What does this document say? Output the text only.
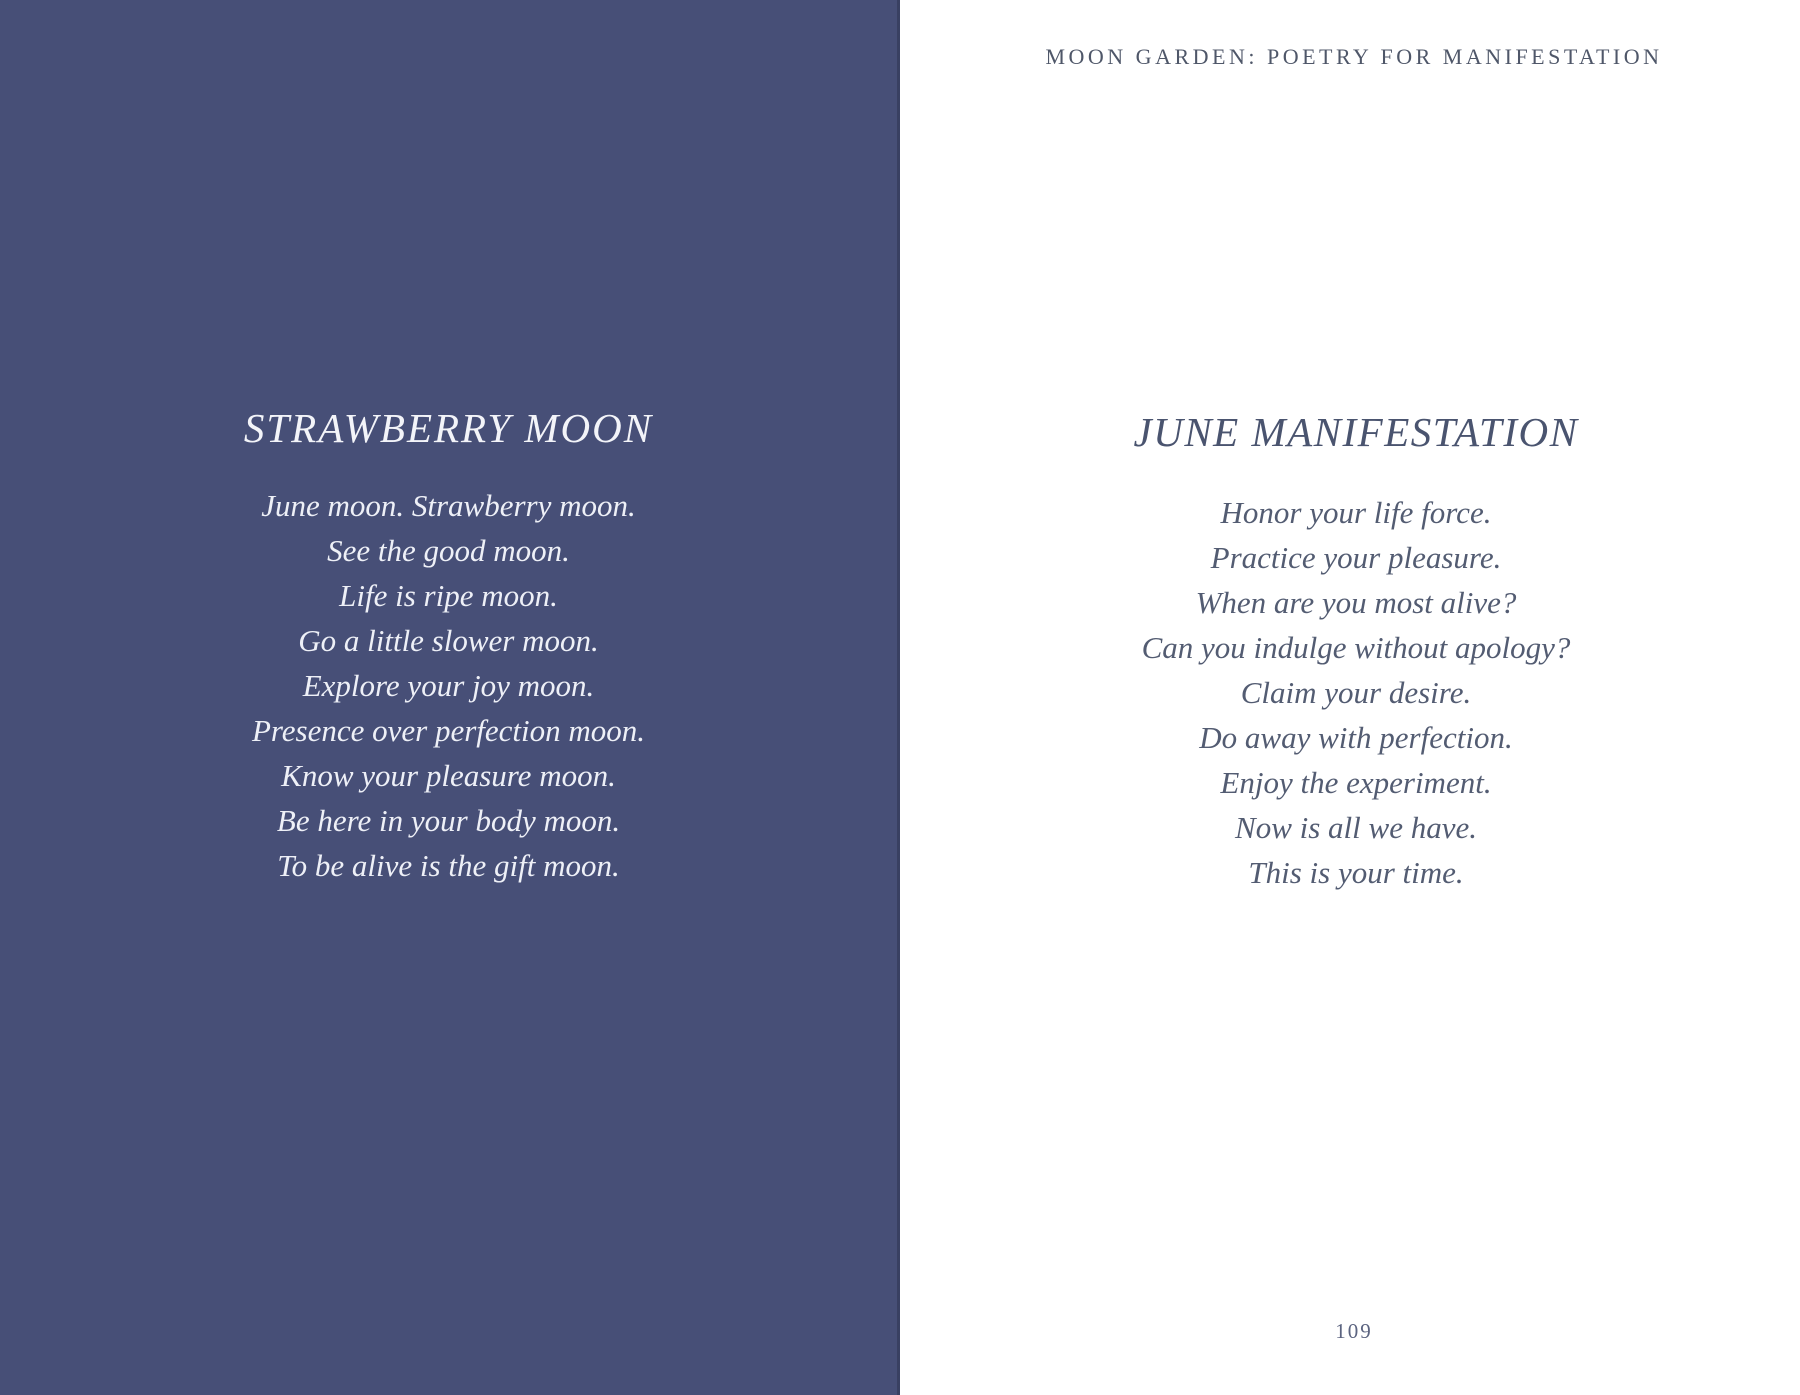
STRAWBERRY MOON
June moon. Strawberry moon.
See the good moon.
Life is ripe moon.
Go a little slower moon.
Explore your joy moon.
Presence over perfection moon.
Know your pleasure moon.
Be here in your body moon.
To be alive is the gift moon.
MOON GARDEN: POETRY FOR MANIFESTATION
JUNE MANIFESTATION
Honor your life force.
Practice your pleasure.
When are you most alive?
Can you indulge without apology?
Claim your desire.
Do away with perfection.
Enjoy the experiment.
Now is all we have.
This is your time.
109
